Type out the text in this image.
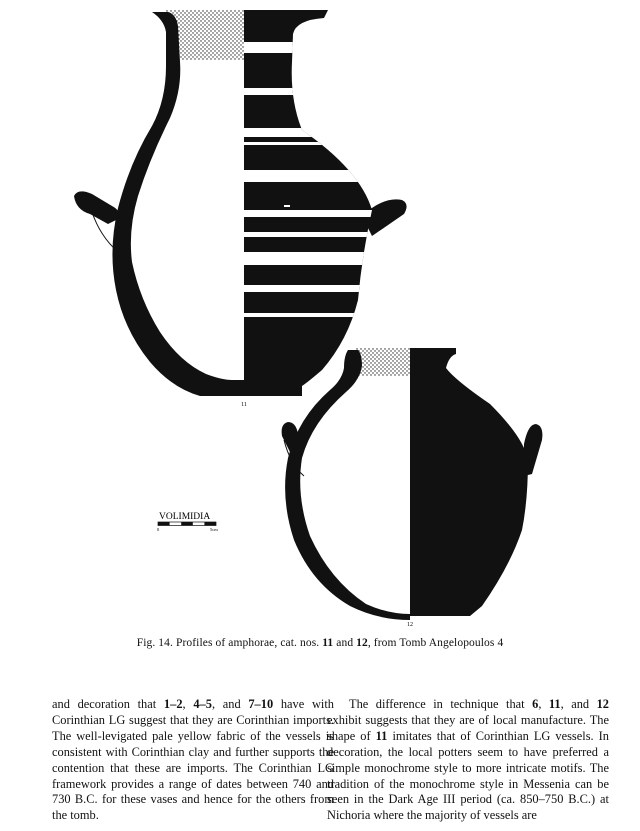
11
12
VOLIMIDIA
0	5cm
Fig. 14. Profiles of amphorae, cat. nos. 11 and 12, from Tomb Angelopoulos 4
and decoration that 1–2, 4–5, and 7–10 have with Corinthian LG suggest that they are Corinthian imports. The well-levigated pale yellow fabric of the vessels is consistent with Corinthian clay and further supports the contention that these are imports. The Corinthian LG framework provides a range of dates between 740 and 730 B.C. for these vases and hence for the others from the tomb.
The difference in technique that 6, 11, and 12 exhibit suggests that they are of local manufacture. The shape of 11 imitates that of Corinthian LG vessels. In decoration, the local potters seem to have preferred a simple monochrome style to more intricate motifs. The tradition of the monochrome style in Messenia can be seen in the Dark Age III period (ca. 850–750 B.C.) at Nichoria where the majority of vessels are
